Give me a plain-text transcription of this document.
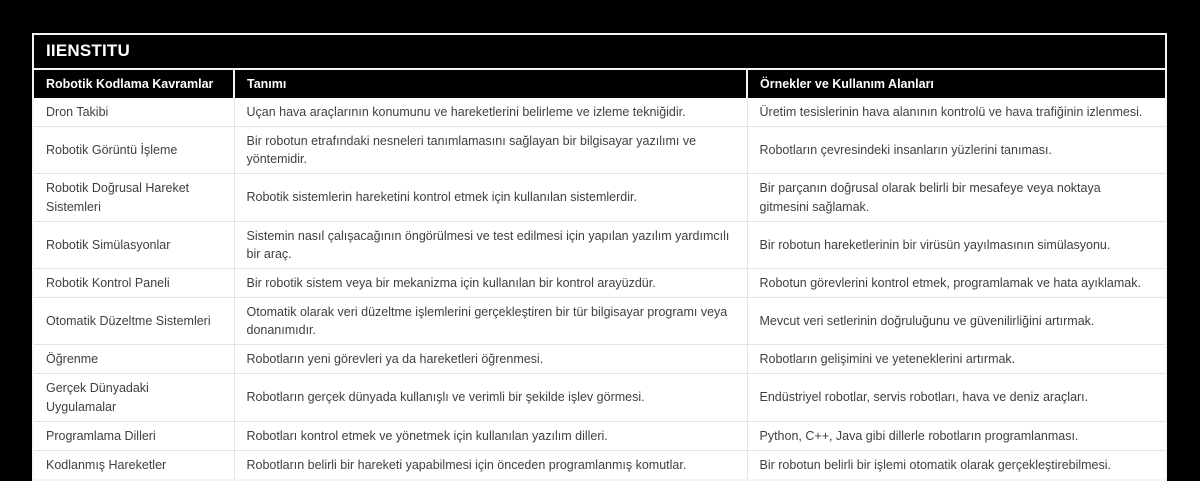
IIENSTITU
Robotik Kodlama Kavramlar	Tanımı	Örnekler ve Kullanım Alanları
Dron Takibi	Uçan hava araçlarının konumunu ve hareketlerini belirleme ve izleme tekniğidir.	Üretim tesislerinin hava alanının kontrolü ve hava trafiğinin izlenmesi.
Robotik Görüntü İşleme	Bir robotun etrafındaki nesneleri tanımlamasını sağlayan bir bilgisayar yazılımı ve yöntemidir.	Robotların çevresindeki insanların yüzlerini tanıması.
Robotik Doğrusal Hareket Sistemleri	Robotik sistemlerin hareketini kontrol etmek için kullanılan sistemlerdir.	Bir parçanın doğrusal olarak belirli bir mesafeye veya noktaya gitmesini sağlamak.
Robotik Simülasyonlar	Sistemin nasıl çalışacağının öngörülmesi ve test edilmesi için yapılan yazılım yardımcılı bir araç.	Bir robotun hareketlerinin bir virüsün yayılmasının simülasyonu.
Robotik Kontrol Paneli	Bir robotik sistem veya bir mekanizma için kullanılan bir kontrol arayüzdür.	Robotun görevlerini kontrol etmek, programlamak ve hata ayıklamak.
Otomatik Düzeltme Sistemleri	Otomatik olarak veri düzeltme işlemlerini gerçekleştiren bir tür bilgisayar programı veya donanımıdır.	Mevcut veri setlerinin doğruluğunu ve güvenilirliğini artırmak.
Öğrenme	Robotların yeni görevleri ya da hareketleri öğrenmesi.	Robotların gelişimini ve yeteneklerini artırmak.
Gerçek Dünyadaki Uygulamalar	Robotların gerçek dünyada kullanışlı ve verimli bir şekilde işlev görmesi.	Endüstriyel robotlar, servis robotları, hava ve deniz araçları.
Programlama Dilleri	Robotları kontrol etmek ve yönetmek için kullanılan yazılım dilleri.	Python, C++, Java gibi dillerle robotların programlanması.
Kodlanmış Hareketler	Robotların belirli bir hareketi yapabilmesi için önceden programlanmış komutlar.	Bir robotun belirli bir işlemi otomatik olarak gerçekleştirebilmesi.
